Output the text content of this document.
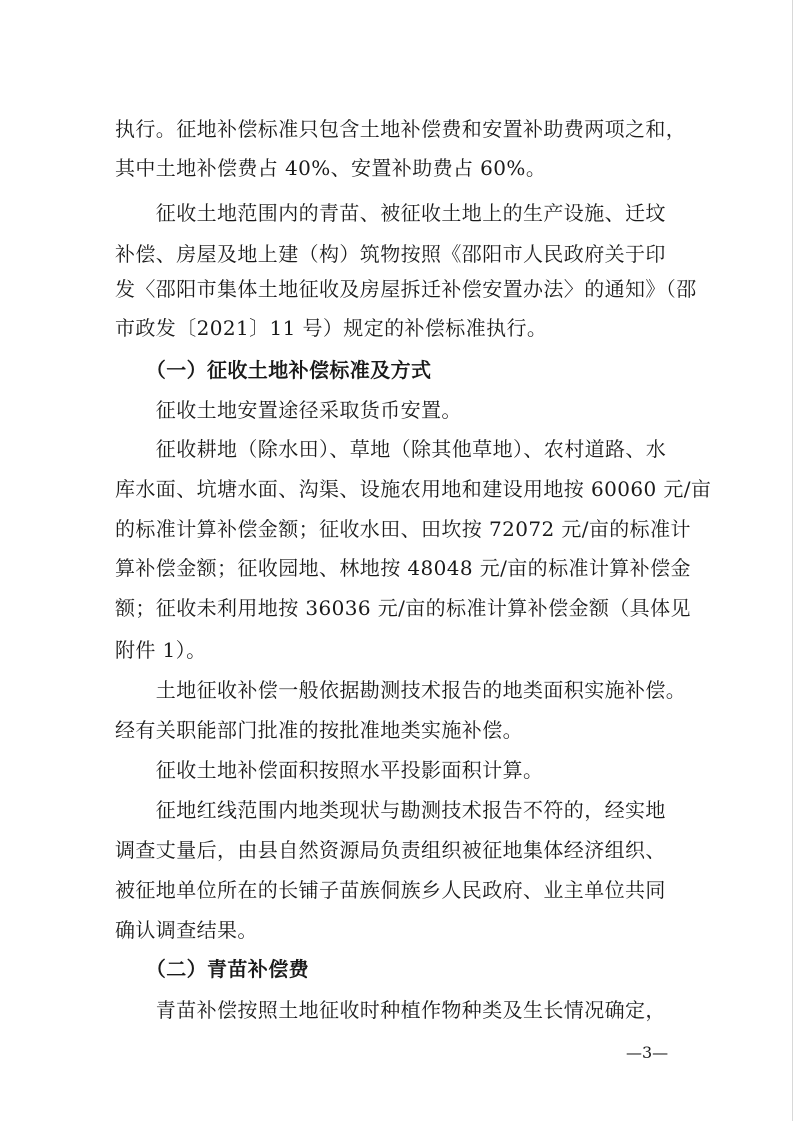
执行。征地补偿标准只包含土地补偿费和安置补助费两项之和，
其中土地补偿费占 40%、安置补助费占 60%。
　　征收土地范围内的青苗、被征收土地上的生产设施、迁坟
补偿、房屋及地上建（构）筑物按照《邵阳市人民政府关于印
发〈邵阳市集体土地征收及房屋拆迁补偿安置办法〉的通知》（邵
市政发〔2021〕11 号）规定的补偿标准执行。
　　（一）征收土地补偿标准及方式
　　征收土地安置途径采取货币安置。
　　征收耕地（除水田）、草地（除其他草地）、农村道路、水
库水面、坑塘水面、沟渠、设施农用地和建设用地按 60060 元/亩
的标准计算补偿金额；征收水田、田坎按 72072 元/亩的标准计
算补偿金额；征收园地、林地按 48048 元/亩的标准计算补偿金
额；征收未利用地按 36036 元/亩的标准计算补偿金额（具体见
附件 1）。
　　土地征收补偿一般依据勘测技术报告的地类面积实施补偿。
经有关职能部门批准的按批准地类实施补偿。
　　征收土地补偿面积按照水平投影面积计算。
　　征地红线范围内地类现状与勘测技术报告不符的，经实地
调查丈量后，由县自然资源局负责组织被征地集体经济组织、
被征地单位所在的长铺子苗族侗族乡人民政府、业主单位共同
确认调查结果。
　　（二）青苗补偿费
　　青苗补偿按照土地征收时种植作物种类及生长情况确定，
—3—
